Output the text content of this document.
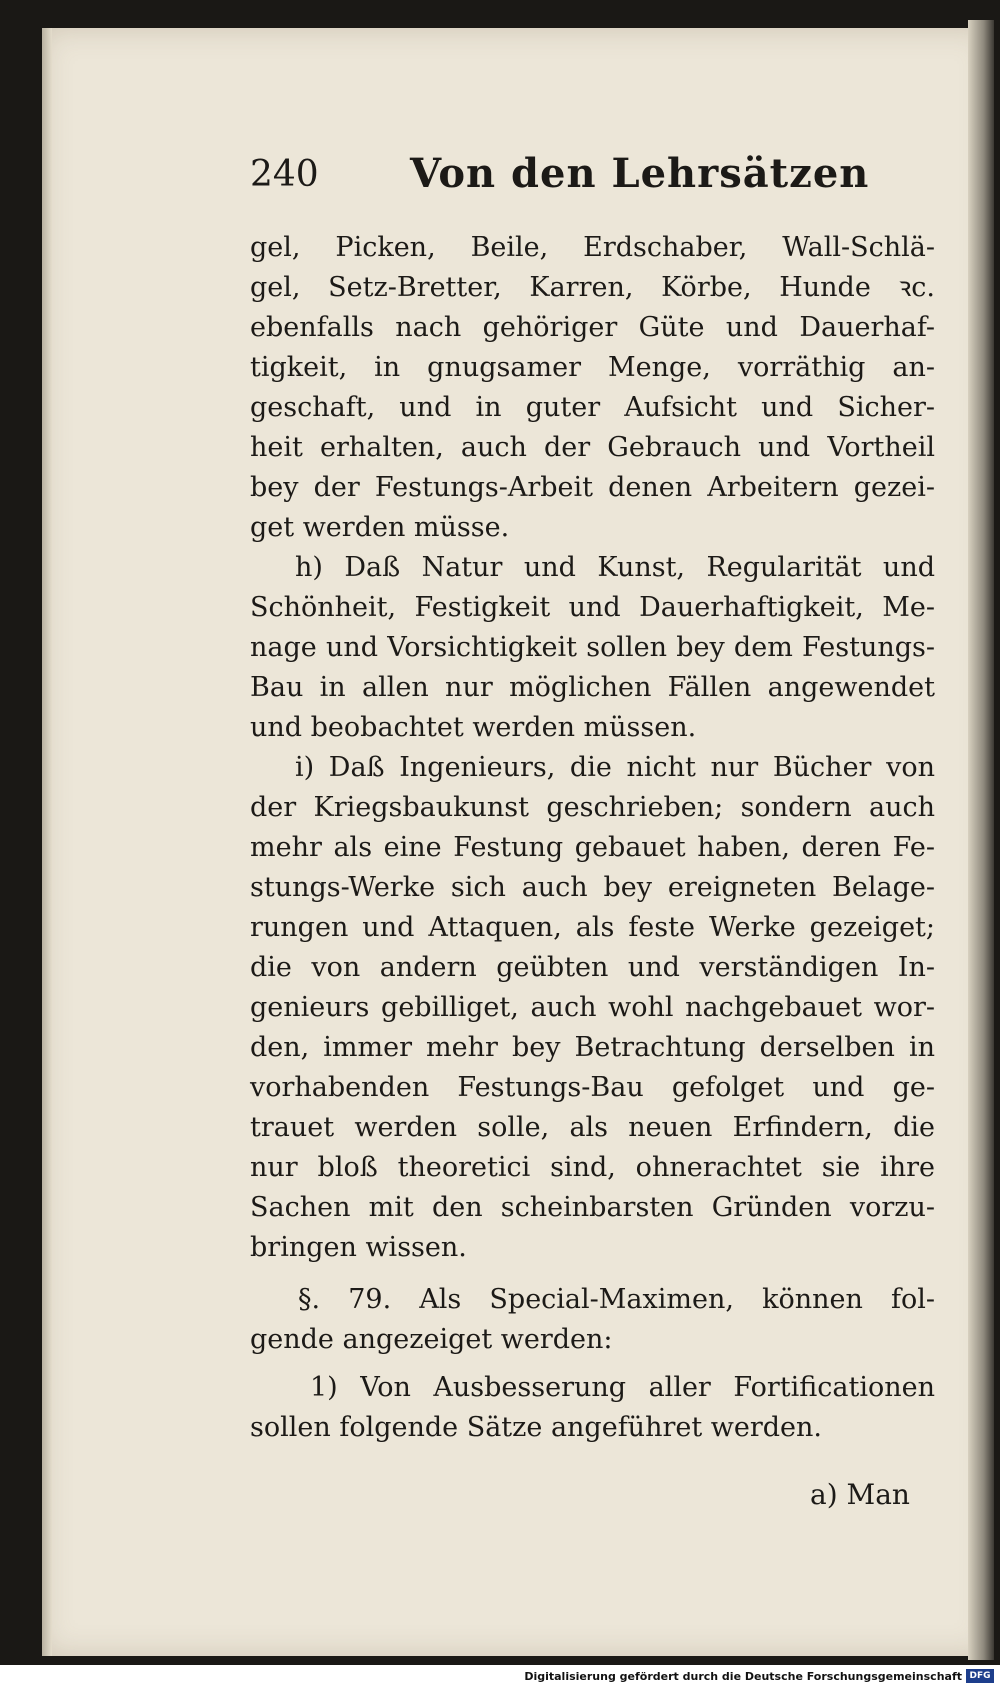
240 Von den Lehrsätzen
gel, Picken, Beile, Erdschaber, Wall-Schlä-
gel, Setz-Bretter, Karren, Körbe, Hunde ꝛc.
ebenfalls nach gehöriger Güte und Dauerhaf-
tigkeit, in gnugsamer Menge, vorräthig an-
geschaft, und in guter Aufsicht und Sicher-
heit erhalten, auch der Gebrauch und Vortheil
bey der Festungs-Arbeit denen Arbeitern gezei-
get werden müsse.
h) Daß Natur und Kunst, Regularität und
Schönheit, Festigkeit und Dauerhaftigkeit, Me-
nage und Vorsichtigkeit sollen bey dem Festungs-
Bau in allen nur möglichen Fällen angewendet
und beobachtet werden müssen.
i) Daß Ingenieurs, die nicht nur Bücher von
der Kriegsbaukunst geschrieben; sondern auch
mehr als eine Festung gebauet haben, deren Fe-
stungs-Werke sich auch bey ereigneten Belage-
rungen und Attaquen, als feste Werke gezeiget;
die von andern geübten und verständigen In-
genieurs gebilliget, auch wohl nachgebauet wor-
den, immer mehr bey Betrachtung derselben in
vorhabenden Festungs-Bau gefolget und ge-
trauet werden solle, als neuen Erfindern, die
nur bloß theoretici sind, ohnerachtet sie ihre
Sachen mit den scheinbarsten Gründen vorzu-
bringen wissen.
§. 79. Als Special-Maximen, können fol-
gende angezeiget werden:
1) Von Ausbesserung aller Fortificationen
sollen folgende Sätze angeführet werden.
a) Man
Digitalisierung gefördert durch die Deutsche Forschungsgemeinschaft DFG
